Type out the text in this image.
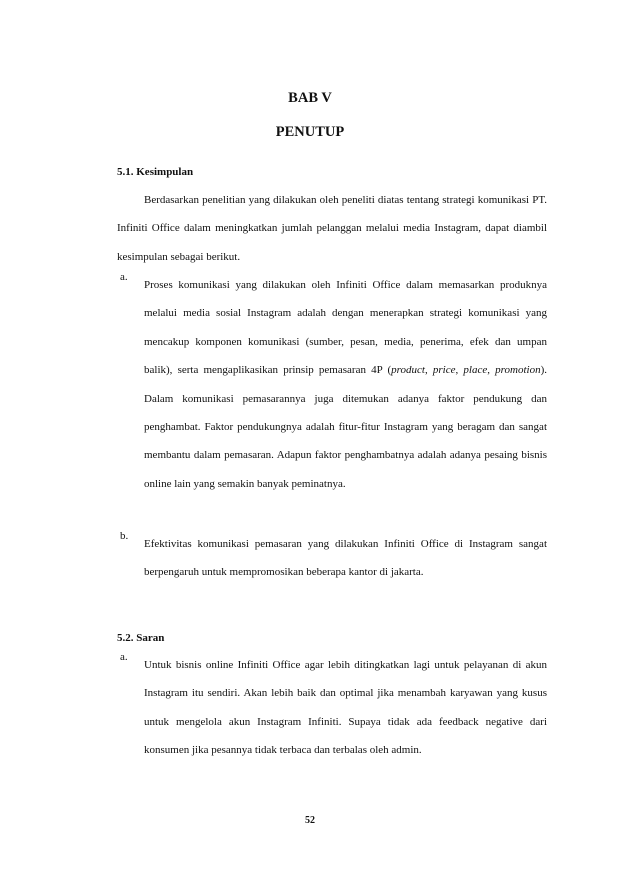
BAB V
PENUTUP
5.1. Kesimpulan
Berdasarkan penelitian yang dilakukan oleh peneliti diatas tentang strategi komunikasi PT. Infiniti Office dalam meningkatkan jumlah pelanggan melalui media Instagram, dapat diambil kesimpulan sebagai berikut.
a.
Proses komunikasi yang dilakukan oleh Infiniti Office dalam memasarkan produknya melalui media sosial Instagram adalah dengan menerapkan strategi komunikasi yang mencakup komponen komunikasi (sumber, pesan, media, penerima, efek dan umpan balik), serta mengaplikasikan prinsip pemasaran 4P (product, price, place, promotion). Dalam komunikasi pemasarannya juga ditemukan adanya faktor pendukung dan penghambat. Faktor pendukungnya adalah fitur-fitur Instagram yang beragam dan sangat membantu dalam pemasaran. Adapun faktor penghambatnya adalah adanya pesaing bisnis online lain yang semakin banyak peminatnya.
b.
Efektivitas komunikasi pemasaran yang dilakukan Infiniti Office di Instagram sangat berpengaruh untuk mempromosikan beberapa kantor di jakarta.
5.2. Saran
a.
Untuk bisnis online Infiniti Office agar lebih ditingkatkan lagi untuk pelayanan di akun Instagram itu sendiri. Akan lebih baik dan optimal jika menambah karyawan yang kusus untuk mengelola akun Instagram Infiniti. Supaya tidak ada feedback negative dari konsumen jika pesannya tidak terbaca dan terbalas oleh admin.
52
